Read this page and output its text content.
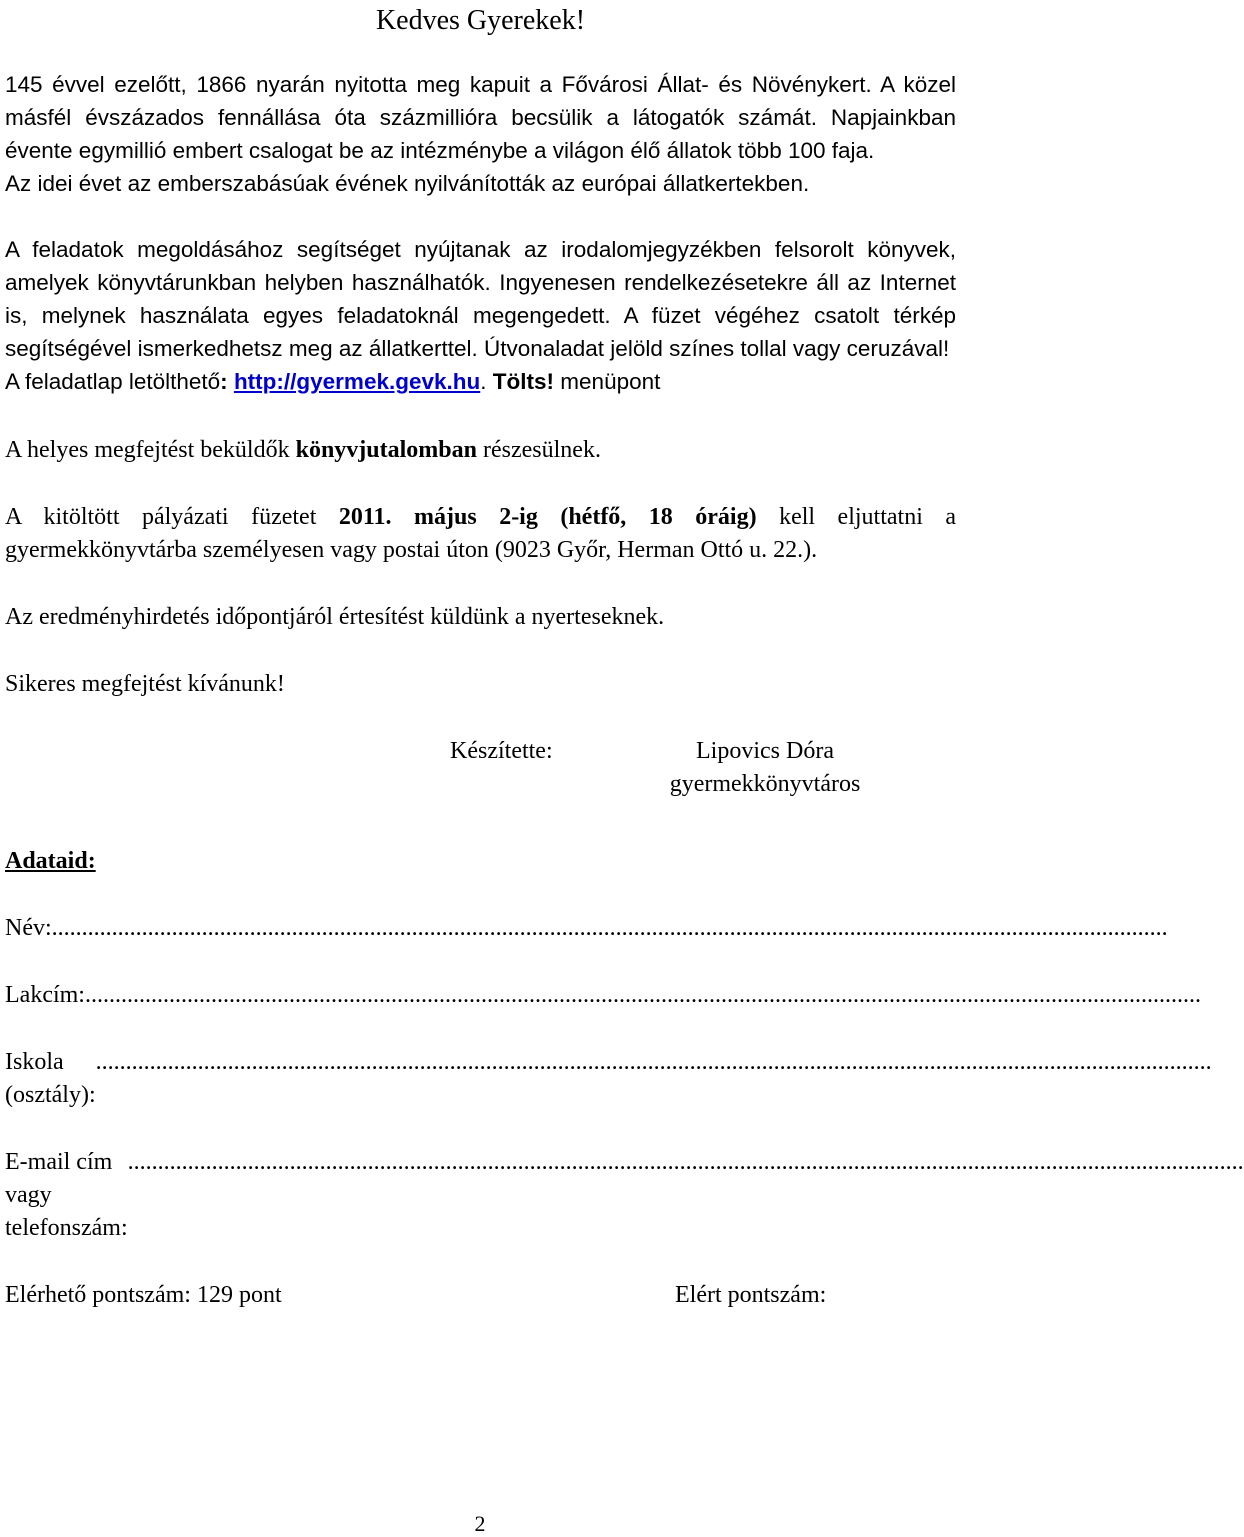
Kedves Gyerekek!

145 évvel ezelőtt, 1866 nyarán nyitotta meg kapuit a Fővárosi Állat- és Növénykert. A közel másfél évszázados fennállása óta százmillióra becsülik a látogatók számát. Napjainkban évente egymillió embert csalogat be az intézménybe a világon élő állatok több 100 faja.

Az idei évet az emberszabásúak évének nyilvánították az európai állatkertekben.

A feladatok megoldásához segítséget nyújtanak az irodalomjegyzékben felsorolt könyvek, amelyek könyvtárunkban helyben használhatók. Ingyenesen rendelkezésetekre áll az Internet is, melynek használata egyes feladatoknál megengedett. A füzet végéhez csatolt térkép segítségével ismerkedhetsz meg az állatkerttel. Útvonaladat jelöld színes tollal vagy ceruzával!
A feladatlap letölthető: http://gyermek.gevk.hu. Tölts! menüpont

A helyes megfejtést beküldők könyvjutalomban részesülnek.

A kitöltött pályázati füzetet 2011. május 2-ig (hétfő, 18 óráig) kell eljuttatni a gyermekkönyvtárba személyesen vagy postai úton (9023 Győr, Herman Ottó u. 22.).

Az eredményhirdetés időpontjáról értesítést küldünk a nyerteseknek.

Sikeres megfejtést kívánunk!

Készítette:	Lipovics Dóra
gyermekkönyvtáros
Adataid:
Név: ..........................................................................................................................................................................................
Lakcím: ..........................................................................................................................................................................................
Iskola (osztály):
..........................................................................................................................................................................................
E-mail cím vagy telefonszám:
..........................................................................................................................................................................................
Elérhető pontszám: 129 pont	Elért pontszám:
2
